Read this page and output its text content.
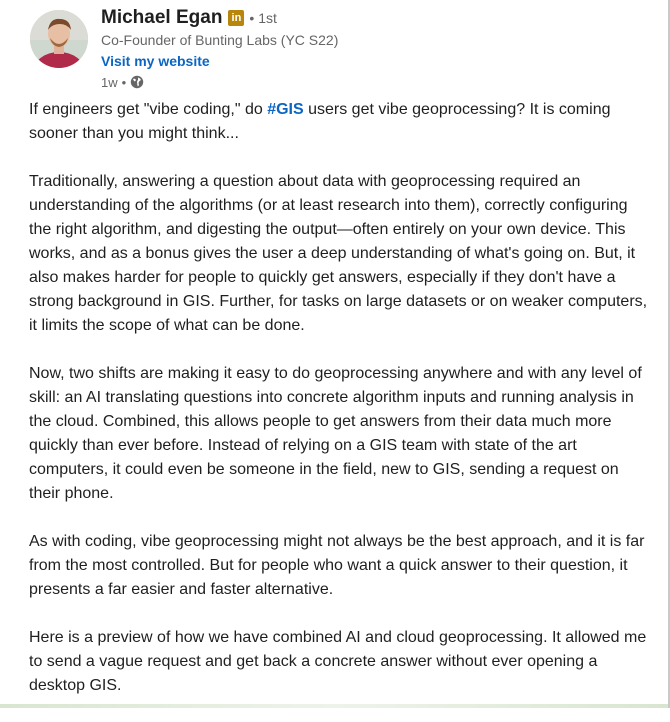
Michael Egan in • 1st
Co-Founder of Bunting Labs (YC S22)
Visit my website
1w •

If engineers get "vibe coding," do #GIS users get vibe geoprocessing? It is coming sooner than you might think...

Traditionally, answering a question about data with geoprocessing required an understanding of the algorithms (or at least research into them), correctly configuring the right algorithm, and digesting the output—often entirely on your own device. This works, and as a bonus gives the user a deep understanding of what's going on. But, it also makes harder for people to quickly get answers, especially if they don't have a strong background in GIS. Further, for tasks on large datasets or on weaker computers, it limits the scope of what can be done.

Now, two shifts are making it easy to do geoprocessing anywhere and with any level of skill: an AI translating questions into concrete algorithm inputs and running analysis in the cloud. Combined, this allows people to get answers from their data much more quickly than ever before. Instead of relying on a GIS team with state of the art computers, it could even be someone in the field, new to GIS, sending a request on their phone.

As with coding, vibe geoprocessing might not always be the best approach, and it is far from the most controlled. But for people who want a quick answer to their question, it presents a far easier and faster alternative.

Here is a preview of how we have combined AI and cloud geoprocessing. It allowed me to send a vague request and get back a concrete answer without ever opening a desktop GIS.
